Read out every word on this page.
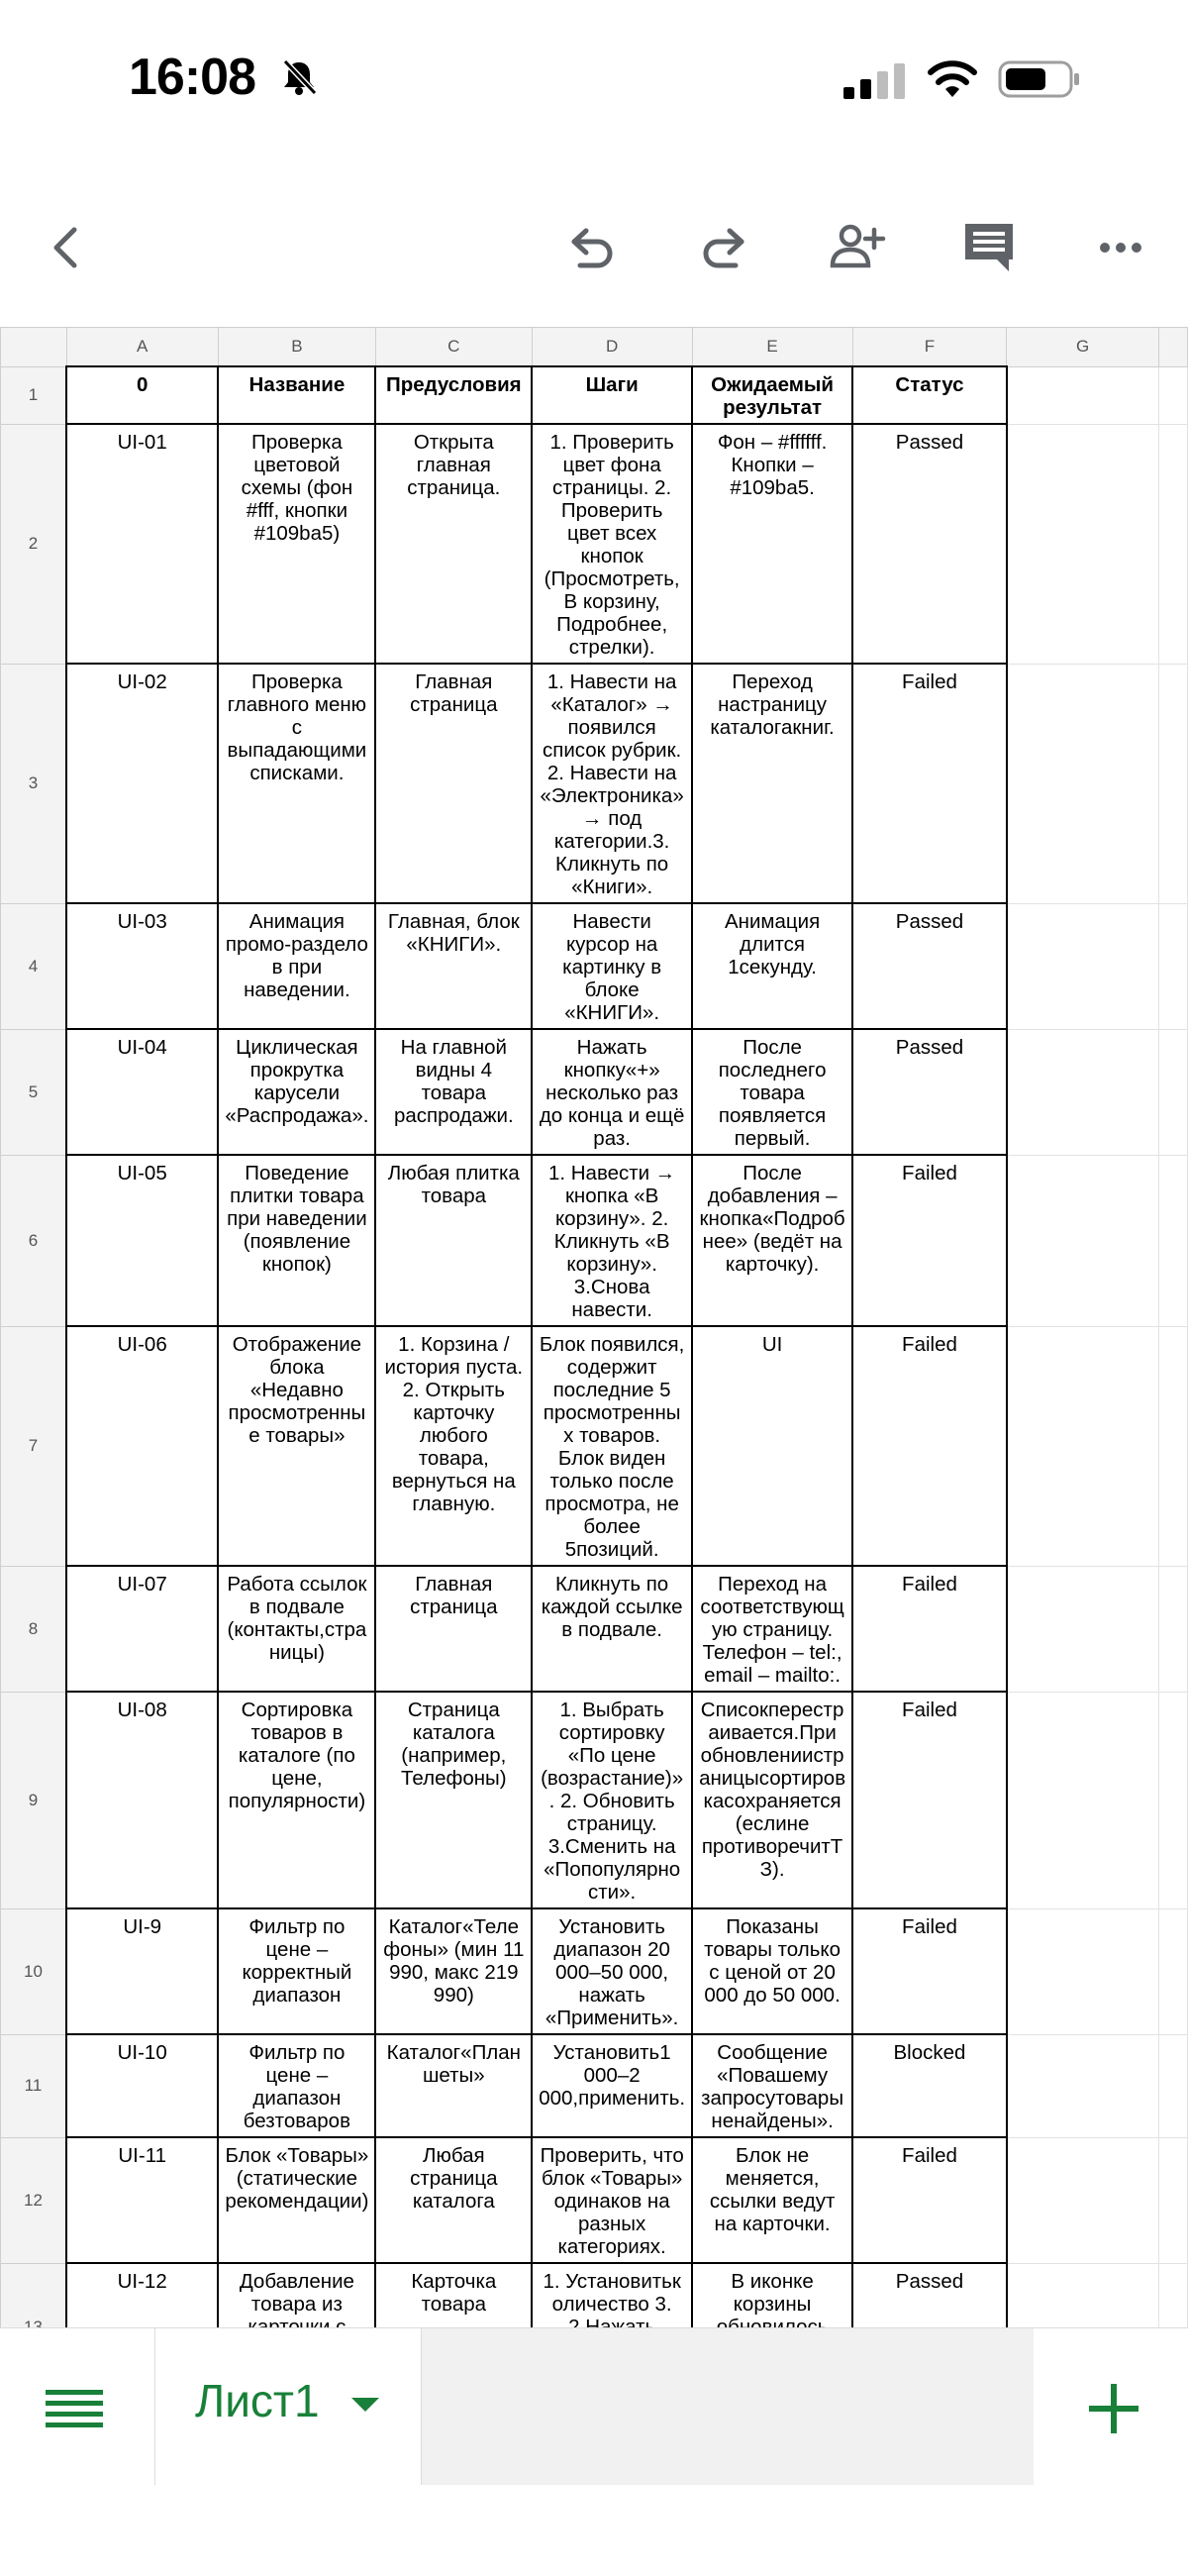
16:08
	A	B	C	D	E	F	G	
1	0	Название	Предусловия	Шаги	Ожидаемый результат	Статус		
2	UI-01	Проверка цветовой схемы (фон #fff, кнопки #109ba5)	Открыта главная страница.	1. Проверить цвет фона страницы. 2. Проверить цвет всех кнопок (Просмотреть, В корзину, Подробнее, стрелки).	Фон – #ffffff. Кнопки – #109ba5.	Passed		
3	UI-02	Проверка главного меню с выпадающими списками.	Главная страница	1. Навести на «Каталог» → появился список рубрик. 2. Навести на «Электроника» → под категории.3. Кликнуть по «Книги».	Переход настраницу каталогакниг.	Failed		
4	UI-03	Анимация промо-раздело в при наведении.	Главная, блок «КНИГИ».	Навести курсор на картинку в блоке «КНИГИ».	Анимация длится 1секунду.	Passed		
5	UI-04	Циклическая прокрутка карусели «Распродажа».	На главной видны 4 товара распродажи.	Нажать кнопку«+» несколько раз до конца и ещё раз.	После последнего товара появляется первый.	Passed		
6	UI-05	Поведение плитки товара при наведении (появление кнопок)	Любая плитка товара	1. Навести → кнопка «В корзину». 2. Кликнуть «В корзину». 3.Снова навести.	После добавления – кнопка«Подроб нее» (ведёт на карточку).	Failed		
7	UI-06	Отображение блока «Недавно просмотренны е товары»	1. Корзина / история пуста. 2. Открыть карточку любого товара, вернуться на главную.	Блок появился, содержит последние 5 просмотренны х товаров. Блок виден только после просмотра, не более 5позиций.	UI	Failed		
8	UI-07	Работа ссылок в подвале (контакты,стра ницы)	Главная страница	Кликнуть по каждой ссылке в подвале.	Переход на соответствующ ую страницу. Телефон – tel:, email – mailto:.	Failed		
9	UI-08	Сортировка товаров в каталоге (по цене, популярности)	Страница каталога (например, Телефоны)	1. Выбрать сортировку «По цене (возрастание)» . 2. Обновить страницу. 3.Сменить на «Попопулярно сти».	Списокперестр аивается.При обновленииcтр аницысортиров касохраняется (еслине противоречитТ З).	Failed		
10	UI-9	Фильтр по цене – корректный диапазон	Каталог«Теле фоны» (мин 11 990, макс 219 990)	Установить диапазон 20 000–50 000, нажать «Применить».	Показаны товары только с ценой от 20 000 до 50 000.	Failed		
11	UI-10	Фильтр по цене – диапазон безтоваров	Каталог«План шеты»	Установить1 000–2 000,применить.	Сообщение «Повашему запросутовары ненайдены».	Blocked		
12	UI-11	Блок «Товары» (статические рекомендации)	Любая страница каталога	Проверить, что блок «Товары» одинаков на разных категориях.	Блок не меняется, ссылки ведут на карточки.	Failed		
	UI-12	Добавление товара из	Карточка товара	1. Установитьк оличество 3.	В иконке корзины	Passed		
Лист1
